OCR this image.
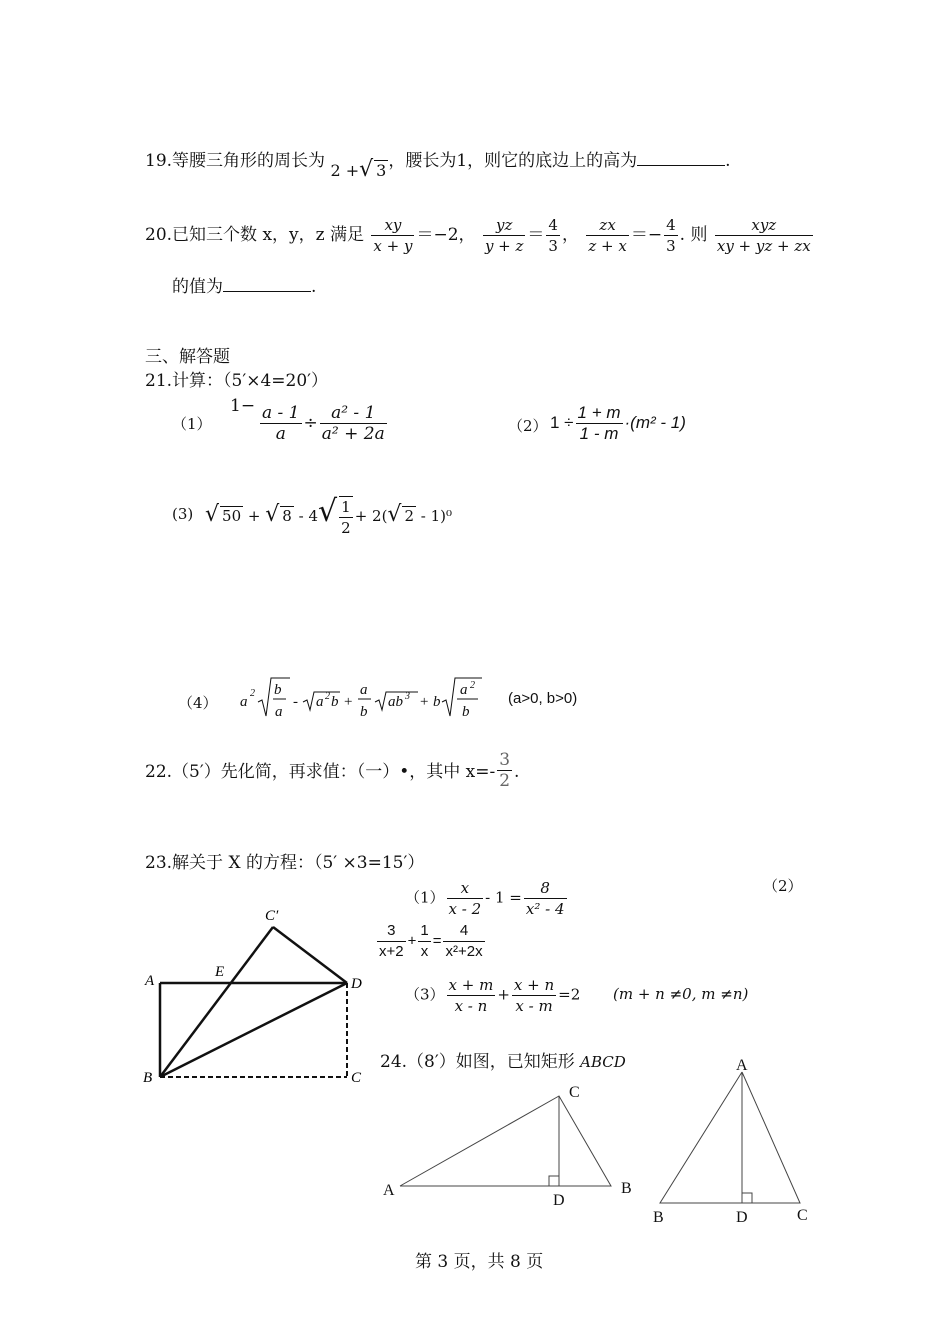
19.等腰三角形的周长为 2 +√ 3 ，腰长为1，则它的底边上的高为	.
20.已知三个数 x，y，z 满足 $\frac{xy}{x + y} =-2$， $\frac{yz}{y + z} = \frac{4}{3}$ ， $\frac{zx}{z + x} =- \frac{4}{3}$ . 则 $\frac{\text{xyz}}{xy + yz + zx}$
的值为	.
三、解答题
21.计算：（5′×4=20′）
（1）
$1- \frac{a - 1}{a} \div \frac{\text{a² - 1}}{\text{a² + 2a}}$	（2） $1 \div \frac{1 + m}{1 - m} \cdot(m^2 - 1)$
(3) √ 50 + √ $8 - 4√ \frac{1}{2} + 2(√$ 2 - 1)⁰
（4） a
2 b
a
- a 2 b +
a
b
ab 3 + b
a 2
b
(a>0, b>0)
22.（5′）先化简，再求值：（一）•，其中 $x=- \frac{3}{2}$ .
23.解关于 X 的方程：（5′ ×3=15′）
$(1) \frac{x}{x - 2} - 1 = \frac{8}{\text{x² - 4}}$	（2）
$\frac{3}{x+2} + \frac{1}{x} = \frac{4}{\text{x²+2x}}$
$(3) \frac{x + m}{x - n} + \frac{x + n}{x - m} =2$ (m + n ≠0, m ≠n)
24.（8′）如图，已知矩形 ABCD
A
B	C
D
E
C′
A
C
B
D
A
B	D	C
第 3 页，共 8 页
